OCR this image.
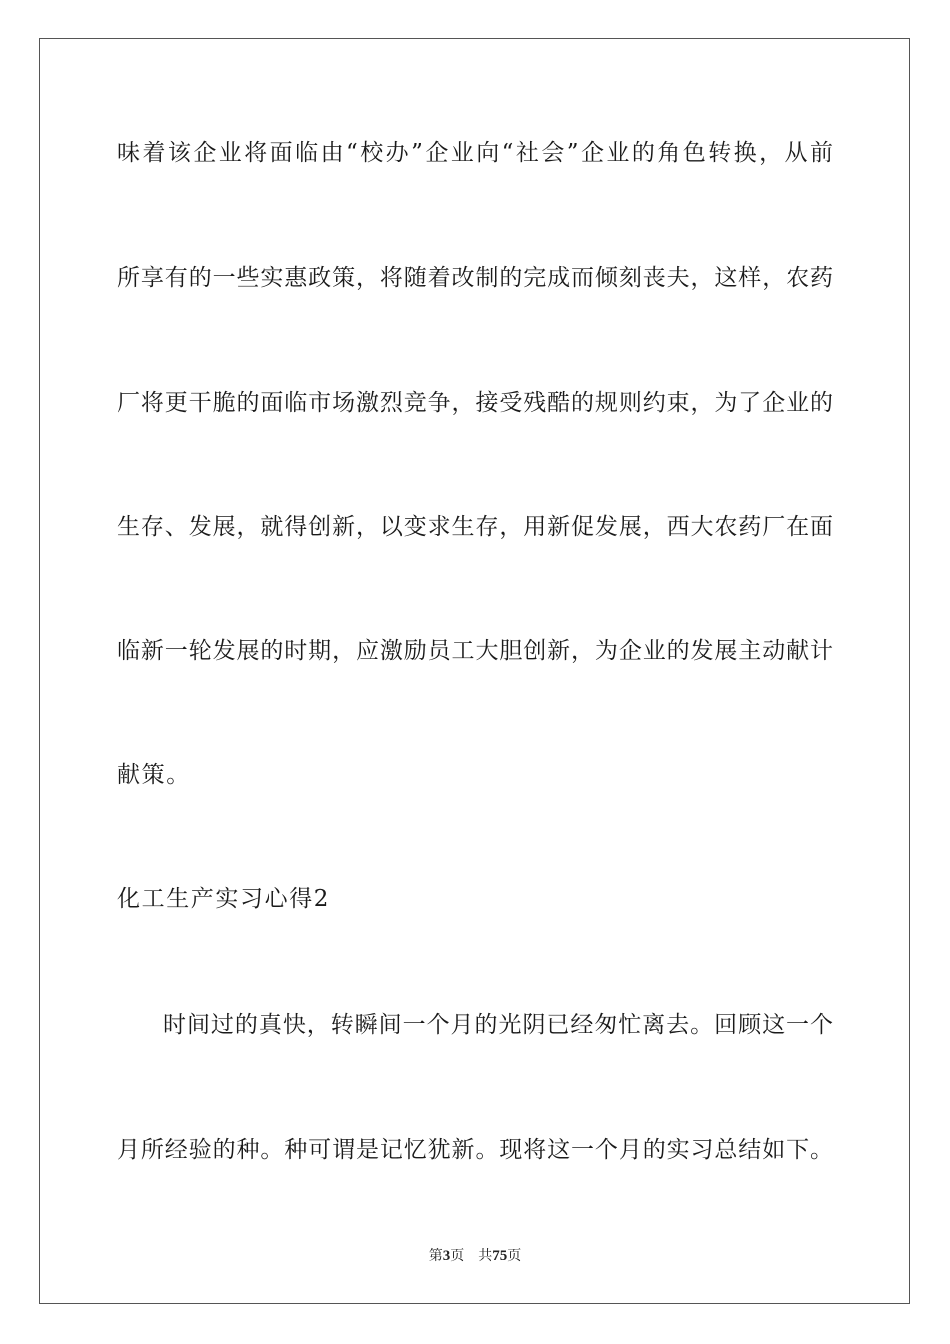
味着该企业将面临由“校办”企业向“社会”企业的角色转换，从前
所享有的一些实惠政策，将随着改制的完成而倾刻丧夫，这样，农药
厂将更干脆的面临市场激烈竞争，接受残酷的规则约束，为了企业的
生存、发展，就得创新，以变求生存，用新促发展，西大农药厂在面
临新一轮发展的时期，应激励员工大胆创新，为企业的发展主动献计
献策。
化工生产实习心得2
时间过的真快，转瞬间一个月的光阴已经匆忙离去。回顾这一个
月所经验的种。种可谓是记忆犹新。现将这一个月的实习总结如下。
第3页 共75页
